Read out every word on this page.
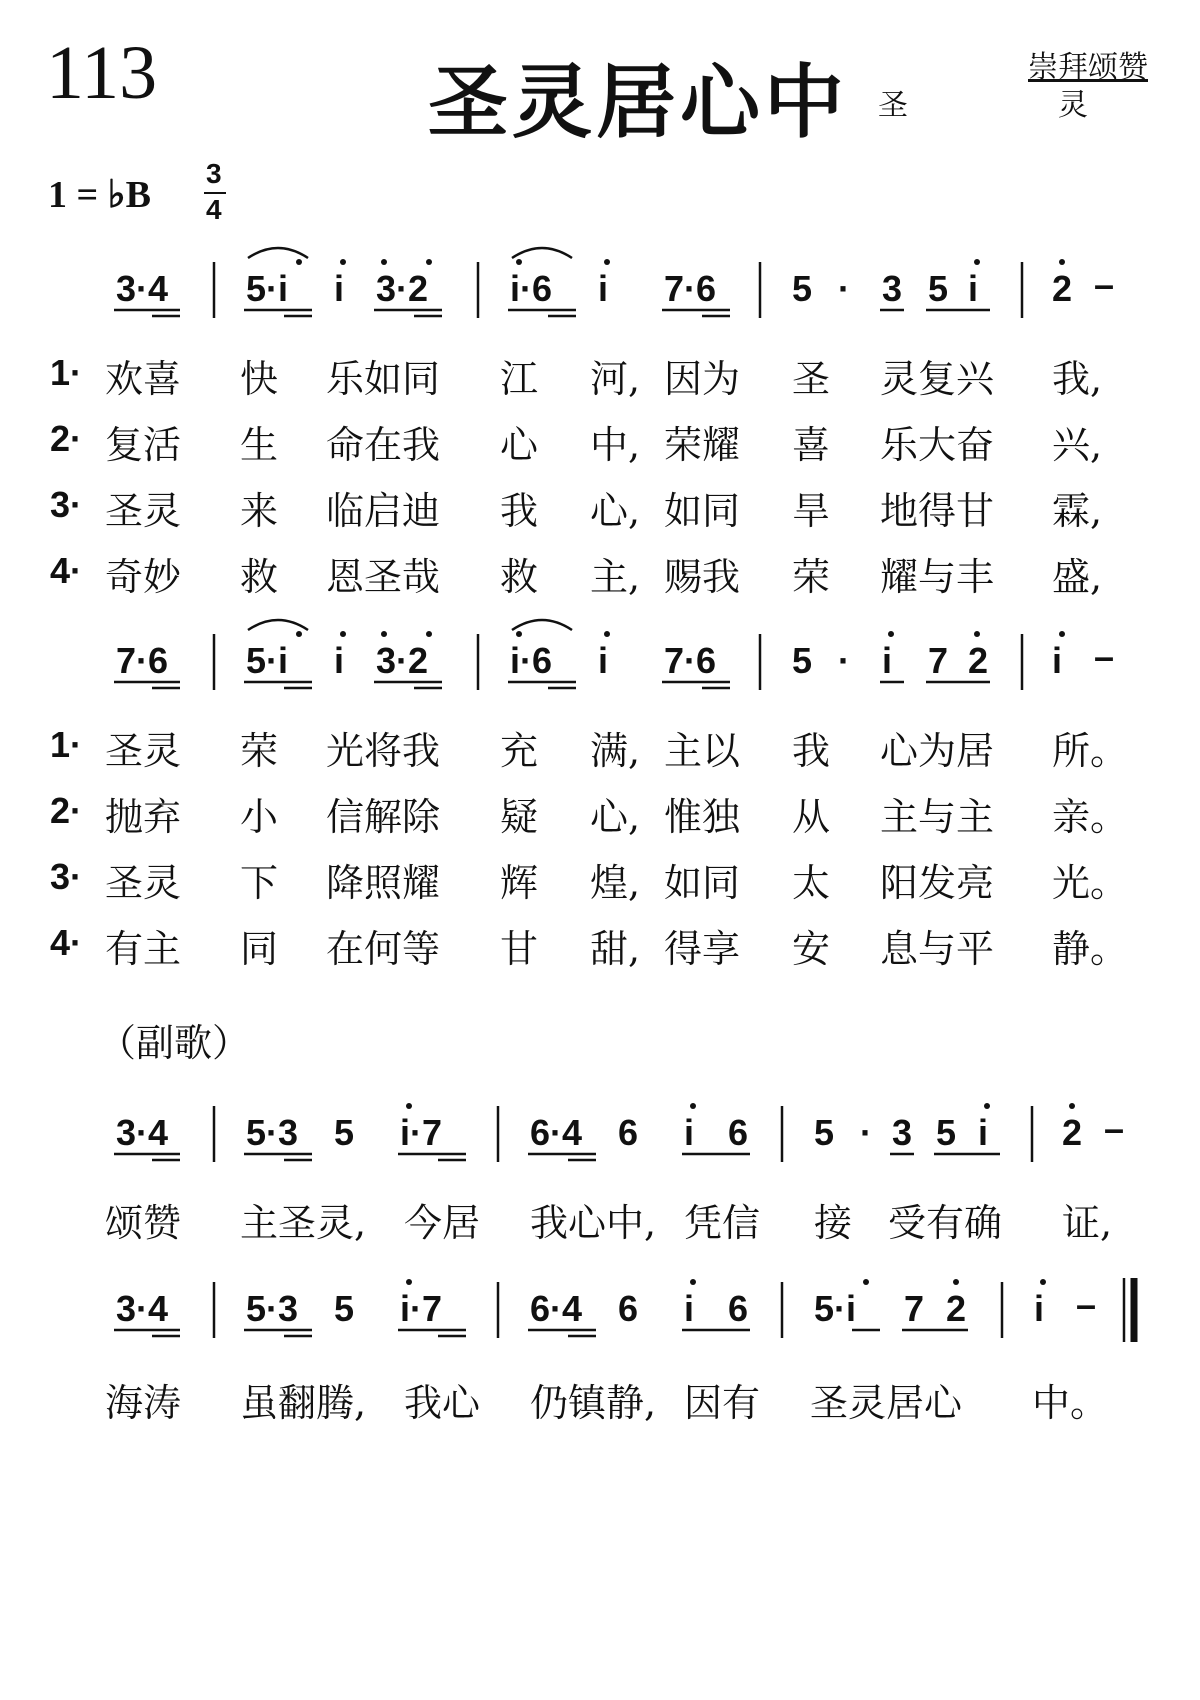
113	圣灵居心中	崇拜颂赞
圣　灵
1 = ♭B
3
4
3·4 5·i i 3·2 i·6 i 7·6 5 · 3 5 i 2 –
1· 欢喜 快 乐如同 江 河, 因为 圣 灵复兴 我,
2· 复活 生 命在我 心 中, 荣耀 喜 乐大奋 兴,
3· 圣灵 来 临启迪 我 心, 如同 旱 地得甘 霖,
4· 奇妙 救 恩圣哉 救 主, 赐我 荣 耀与丰 盛,
7·6 5·i i 3·2 i·6 i 7·6 5 · i 7 2 i –
1· 圣灵 荣 光将我 充 满, 主以 我 心为居 所。
2· 抛弃 小 信解除 疑 心, 惟独 从 主与主 亲。
3· 圣灵 下 降照耀 辉 煌, 如同 太 阳发亮 光。
4· 有主 同 在何等 甘 甜, 得享 安 息与平 静。
（副歌）
3·4 5·3 5 i·7 6·4 6 i 6 5 · 3 5 i 2 –
颂赞 主圣灵, 今居 我心中, 凭信 接 受有确 证,
3·4 5·3 5 i·7 6·4 6 i 6 5·i 7 2 i –
海涛 虽翻腾, 我心 仍镇静, 因有 圣灵居心 中。
